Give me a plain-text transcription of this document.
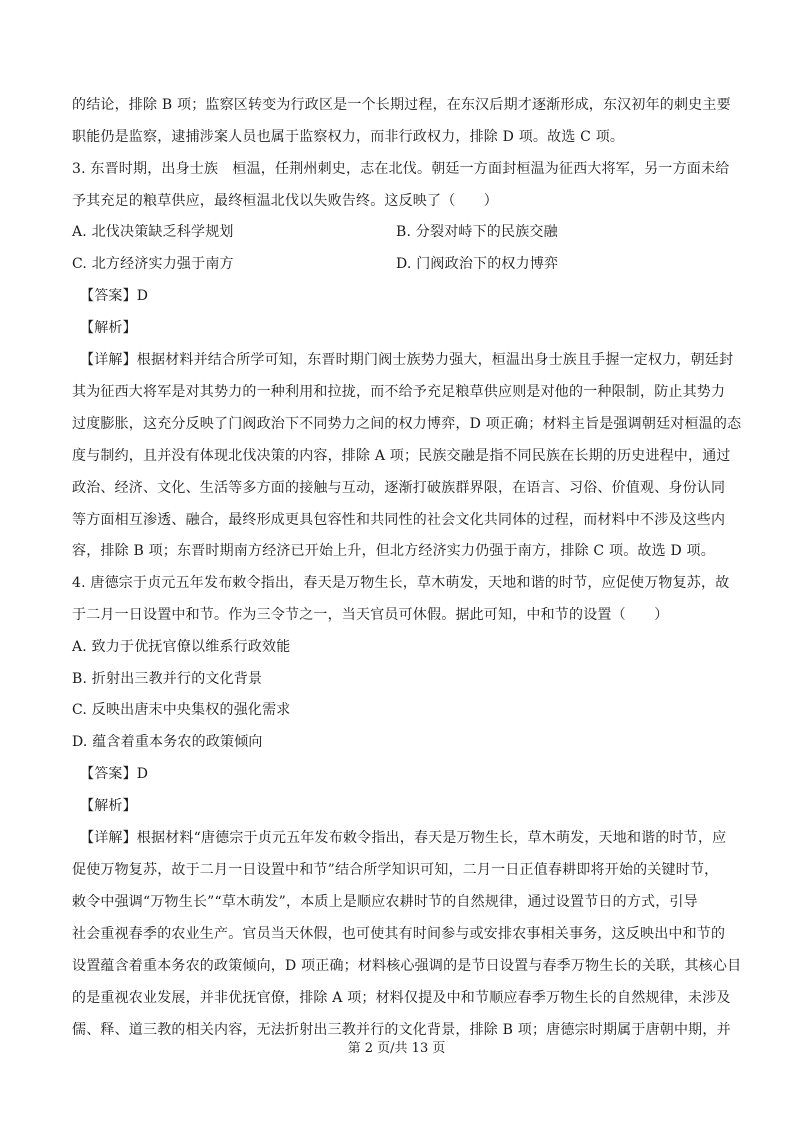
的结论，排除 B 项；监察区转变为行政区是一个长期过程，在东汉后期才逐渐形成，东汉初年的刺史主要
职能仍是监察，逮捕涉案人员也属于监察权力，而非行政权力，排除 D 项。故选 C 项。
3. 东晋时期，出身士族　桓温，任荆州刺史，志在北伐。朝廷一方面封桓温为征西大将军，另一方面未给
予其充足的粮草供应，最终桓温北伐以失败告终。这反映了（　　）
A. 北伐决策缺乏科学规划	B. 分裂对峙下的民族交融
C. 北方经济实力强于南方	D. 门阀政治下的权力博弈
【答案】D
【解析】
【详解】根据材料并结合所学可知，东晋时期门阀士族势力强大，桓温出身士族且手握一定权力，朝廷封
其为征西大将军是对其势力的一种利用和拉拢，而不给予充足粮草供应则是对他的一种限制，防止其势力
过度膨胀，这充分反映了门阀政治下不同势力之间的权力博弈，D 项正确；材料主旨是强调朝廷对桓温的态
度与制约，且并没有体现北伐决策的内容，排除 A 项；民族交融是指不同民族在长期的历史进程中，通过
政治、经济、文化、生活等多方面的接触与互动，逐渐打破族群界限，在语言、习俗、价值观、身份认同
等方面相互渗透、融合，最终形成更具包容性和共同性的社会文化共同体的过程，而材料中不涉及这些内
容，排除 B 项；东晋时期南方经济已开始上升，但北方经济实力仍强于南方，排除 C 项。故选 D 项。
4. 唐德宗于贞元五年发布敕令指出，春天是万物生长，草木萌发，天地和谐的时节，应促使万物复苏，故
于二月一日设置中和节。作为三令节之一，当天官员可休假。据此可知，中和节的设置（　　）
A. 致力于优抚官僚以维系行政效能
B. 折射出三教并行的文化背景
C. 反映出唐末中央集权的强化需求
D. 蕴含着重本务农的政策倾向
【答案】D
【解析】
【详解】根据材料“唐德宗于贞元五年发布敕令指出，春天是万物生长，草木萌发，天地和谐的时节，应
促使万物复苏，故于二月一日设置中和节”结合所学知识可知，二月一日正值春耕即将开始的关键时节，
敕令中强调“万物生长”“草木萌发”，本质上是顺应农耕时节的自然规律，通过设置节日的方式，引导
社会重视春季的农业生产。官员当天休假，也可使其有时间参与或安排农事相关事务，这反映出中和节的
设置蕴含着重本务农的政策倾向，D 项正确；材料核心强调的是节日设置与春季万物生长的关联，其核心目
的是重视农业发展，并非优抚官僚，排除 A 项；材料仅提及中和节顺应春季万物生长的自然规律，未涉及
儒、释、道三教的相关内容，无法折射出三教并行的文化背景，排除 B 项；唐德宗时期属于唐朝中期，并
第 2 页/共 13 页
